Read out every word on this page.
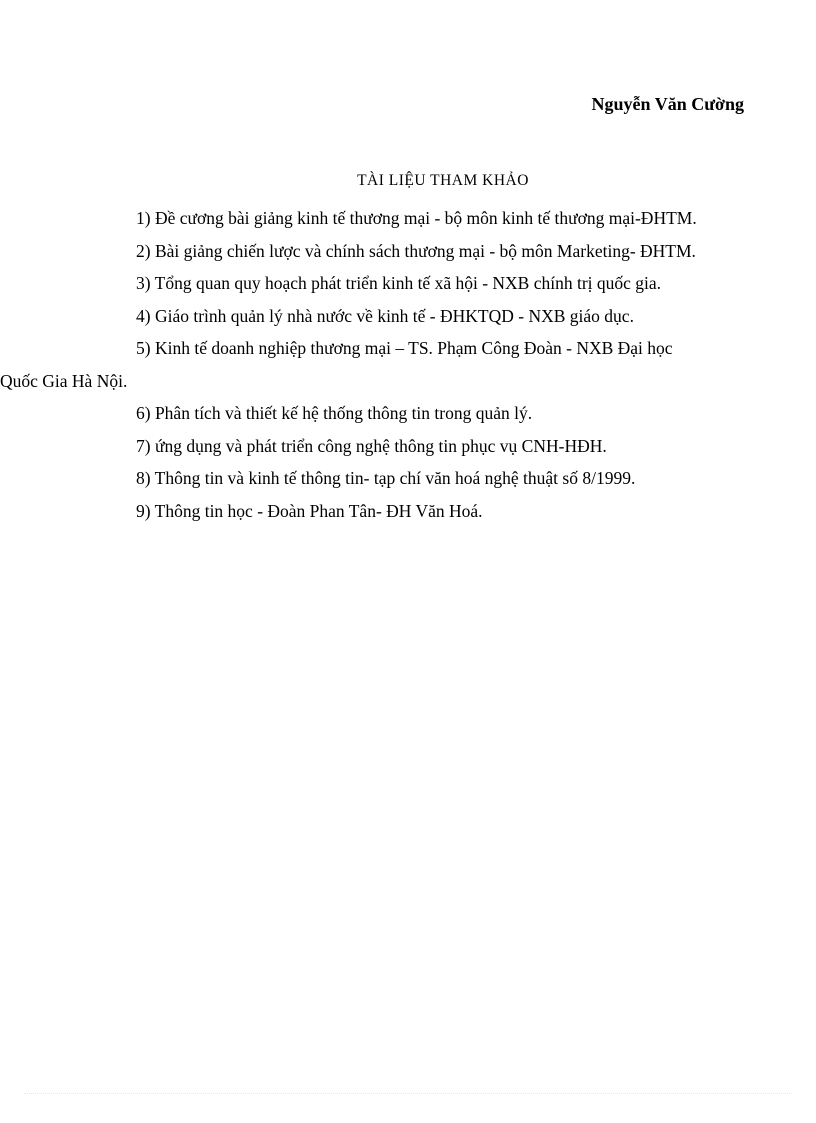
Nguyễn Văn Cường
TÀI LIỆU THAM KHẢO
1) Đề cương bài giảng kinh tế thương mại - bộ môn kinh tế thương mại-ĐHTM.
2) Bài giảng chiến lược và chính sách thương mại - bộ môn Marketing- ĐHTM.
3) Tổng quan quy hoạch phát triển kinh tế xã hội - NXB chính trị quốc gia.
4) Giáo trình quản lý nhà nước về kinh tế - ĐHKTQD - NXB giáo dục.
5) Kinh tế doanh nghiệp thương mại – TS. Phạm Công Đoàn - NXB Đại học
Quốc Gia Hà Nội.
6) Phân tích và thiết kế hệ thống thông tin trong quản lý.
7) ứng dụng và phát triển công nghệ thông tin phục vụ CNH-HĐH.
8) Thông tin và kinh tế thông tin- tạp chí văn hoá nghệ thuật số 8/1999.
9) Thông tin học - Đoàn Phan Tân- ĐH Văn Hoá.
